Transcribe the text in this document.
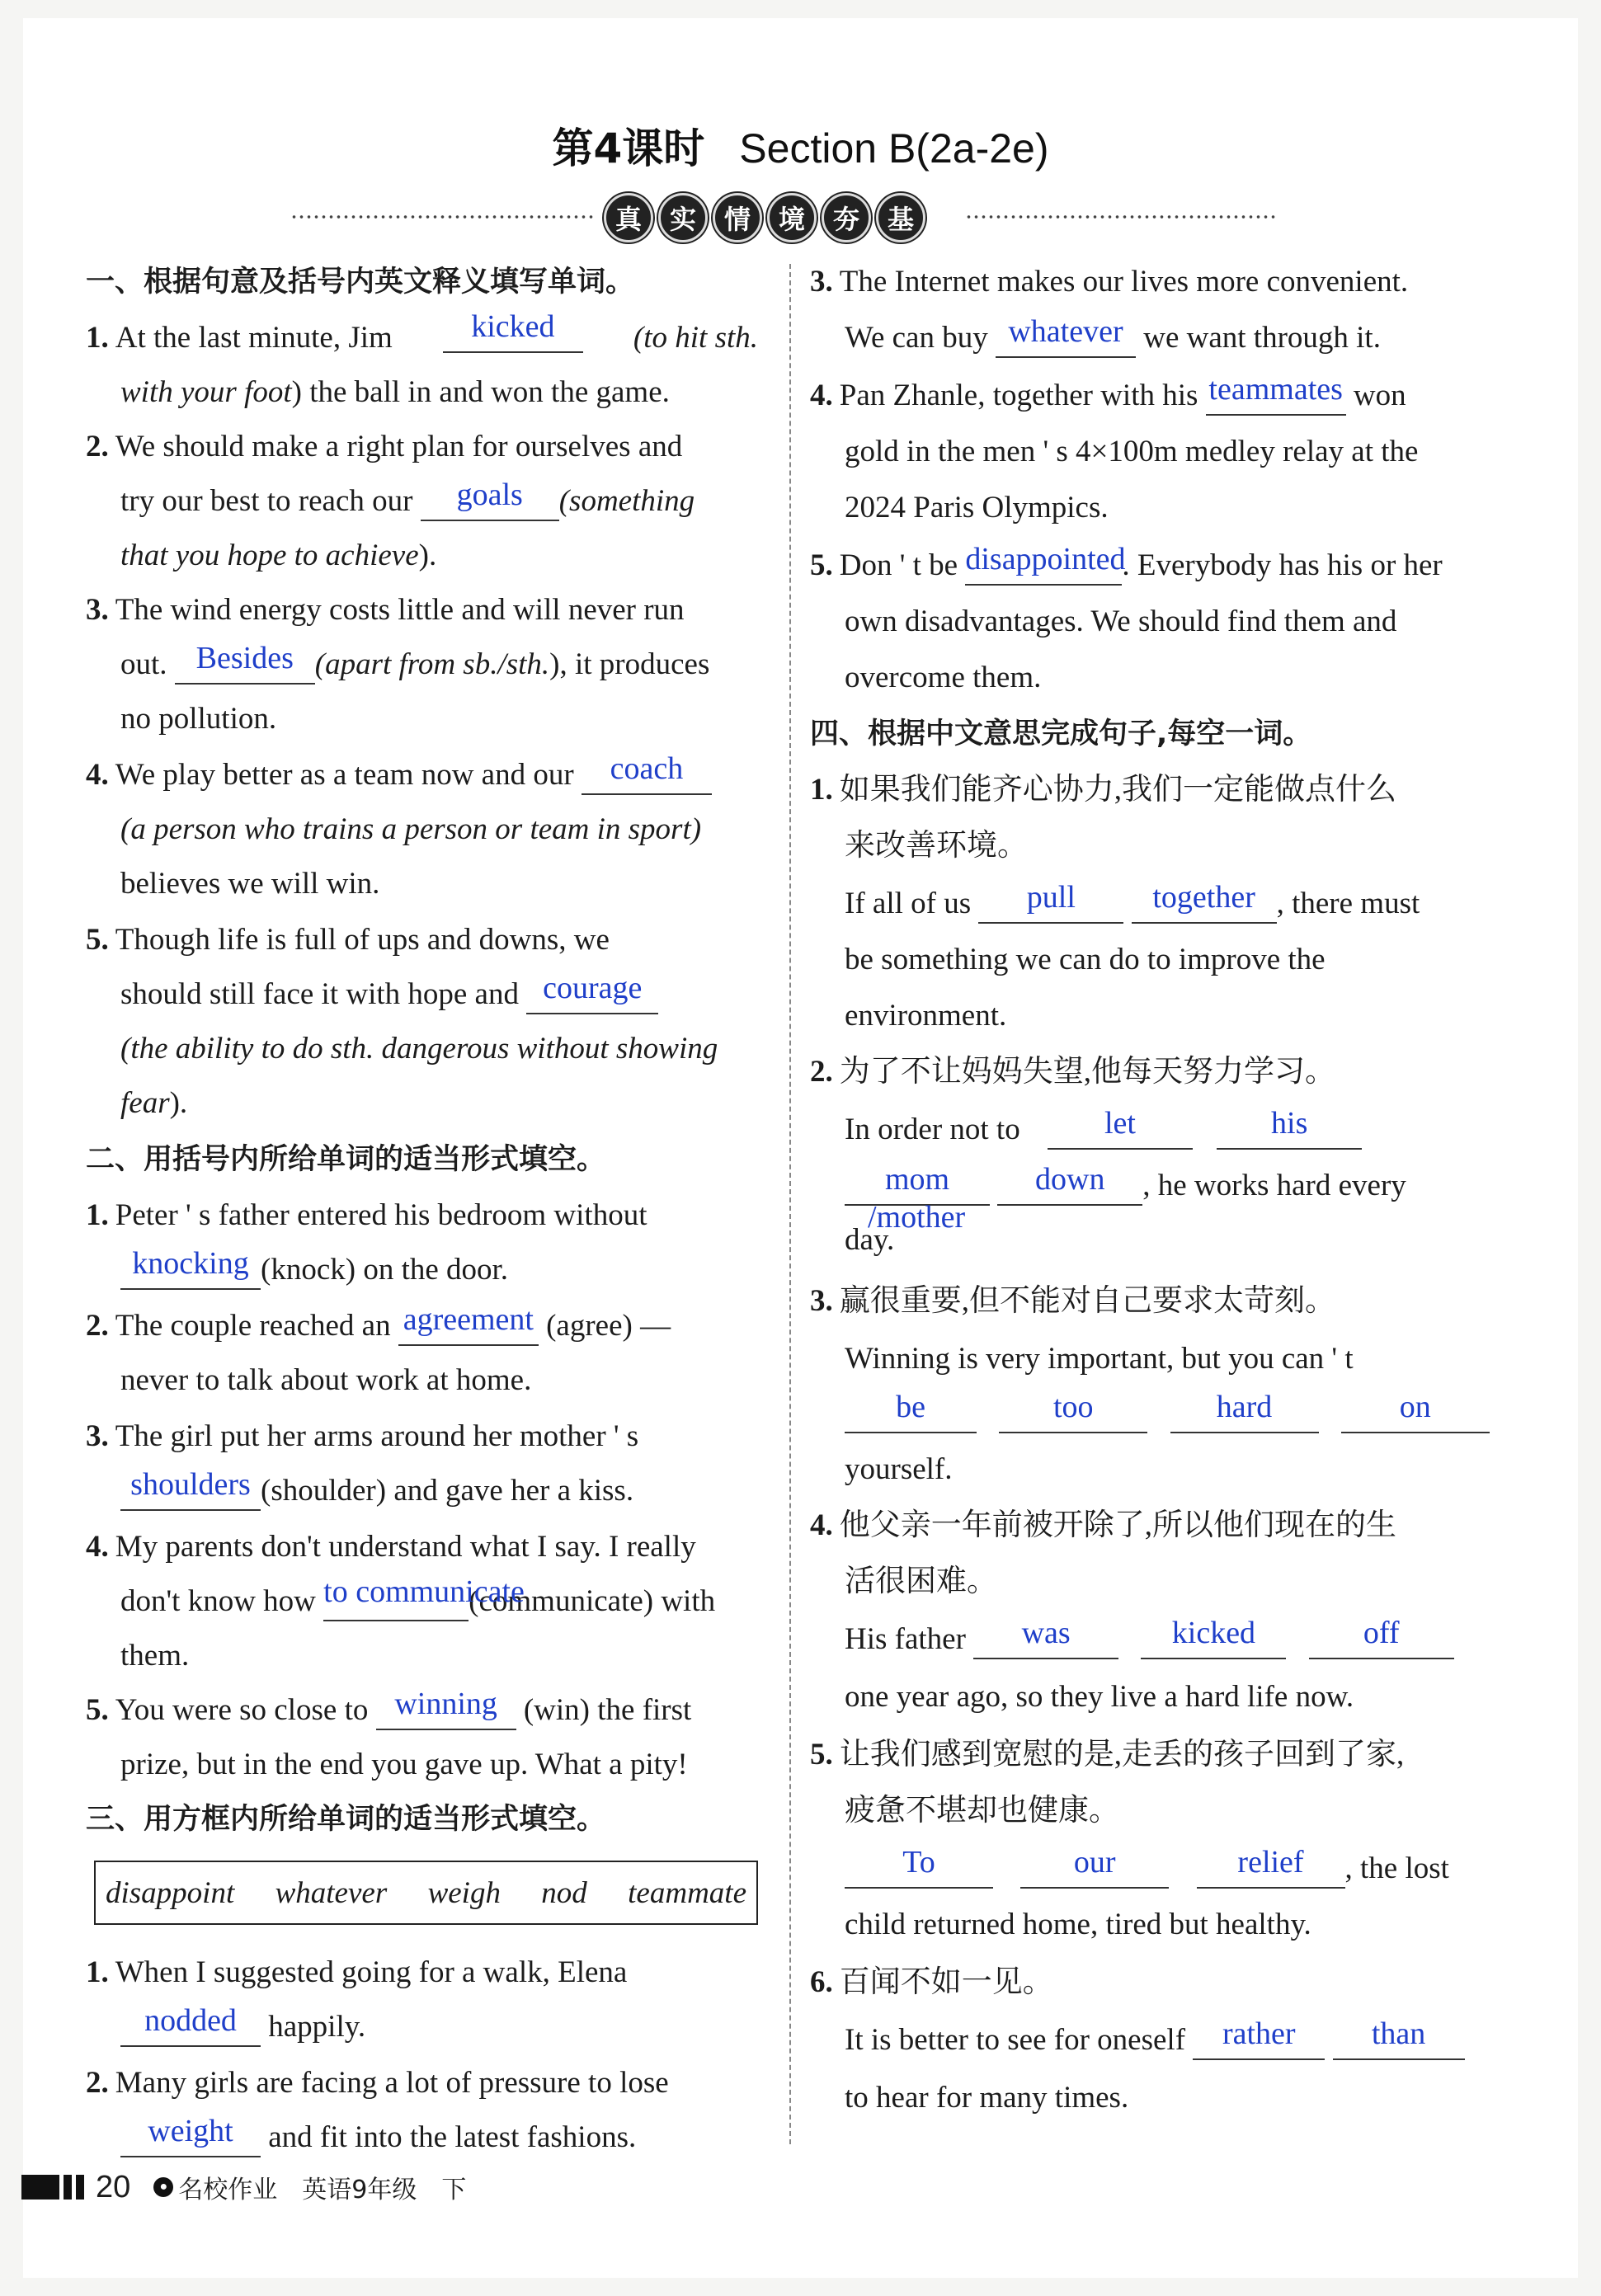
第4课时 Section B(2a-2e)
真	实	情	境	夯	基
一、根据句意及括号内英文释义填写单词。
1. At the last minute, Jim	kicked	(to hit sth.
with your foot) the ball in and won the game.
2. We should make a right plan for ourselves and
try our best to reach our	goals	(something
that you hope to achieve).
3. The wind energy costs little and will never run
out. Besides (apart from sb./sth.), it produces
no pollution.
4. We play better as a team now and our	coach
(a person who trains a person or team in sport)
believes we will win.
5. Though life is full of ups and downs, we
should still face it with hope and courage
(the ability to do sth. dangerous without showing
fear).
二、用括号内所给单词的适当形式填空。
1. Peter ' s father entered his bedroom without
knocking (knock) on the door.
2. The couple reached an agreement (agree) —
never to talk about work at home.
3. The girl put her arms around her mother ' s
shoulders (shoulder) and gave her a kiss.
4. My parents don't understand what I say. I really
don't know how to communicate
(communicate) with
them.
5. You were so close to winning (win) the first
prize, but in the end you gave up. What a pity!
三、用方框内所给单词的适当形式填空。
disappoint whatever weigh nod teammate
1. When I suggested going for a walk, Elena
nodded	happily.
2. Many girls are facing a lot of pressure to lose
weight	and fit into the latest fashions.
3. The Internet makes our lives more convenient.
We can buy whatever we want through it.
4. Pan Zhanle, together with his teammates won
gold in the men ' s 4×100m medley relay at the
2024 Paris Olympics.
5. Don ' t be disappointed
. Everybody has his or her
own disadvantages. We should find them and
overcome them.
四、根据中文意思完成句子,每空一词。
1. 如果我们能齐心协力,我们一定能做点什么
来改善环境。
If all of us	pull
	together , there must
be something we can do to improve the
environment.
2. 为了不让妈妈失望,他每天努力学习。
In order not to	let
	his
mom
	down	, he works hard every
/mother
day.
3. 赢很重要,但不能对自己要求太苛刻。
Winning is very important, but you can ' t
be
	too
	hard
	on
yourself.
4. 他父亲一年前被开除了,所以他们现在的生
活很困难。
His father	was
	kicked
	off
one year ago, so they live a hard life now.
5. 让我们感到宽慰的是,走丢的孩子回到了家,
疲惫不堪却也健康。
To
	our
	relief	, the lost
child returned home, tired but healthy.
6. 百闻不如一见。
It is better to see for oneself	rather
	than
to hear for many times.
20	● 名校作业 英语9年级 下
